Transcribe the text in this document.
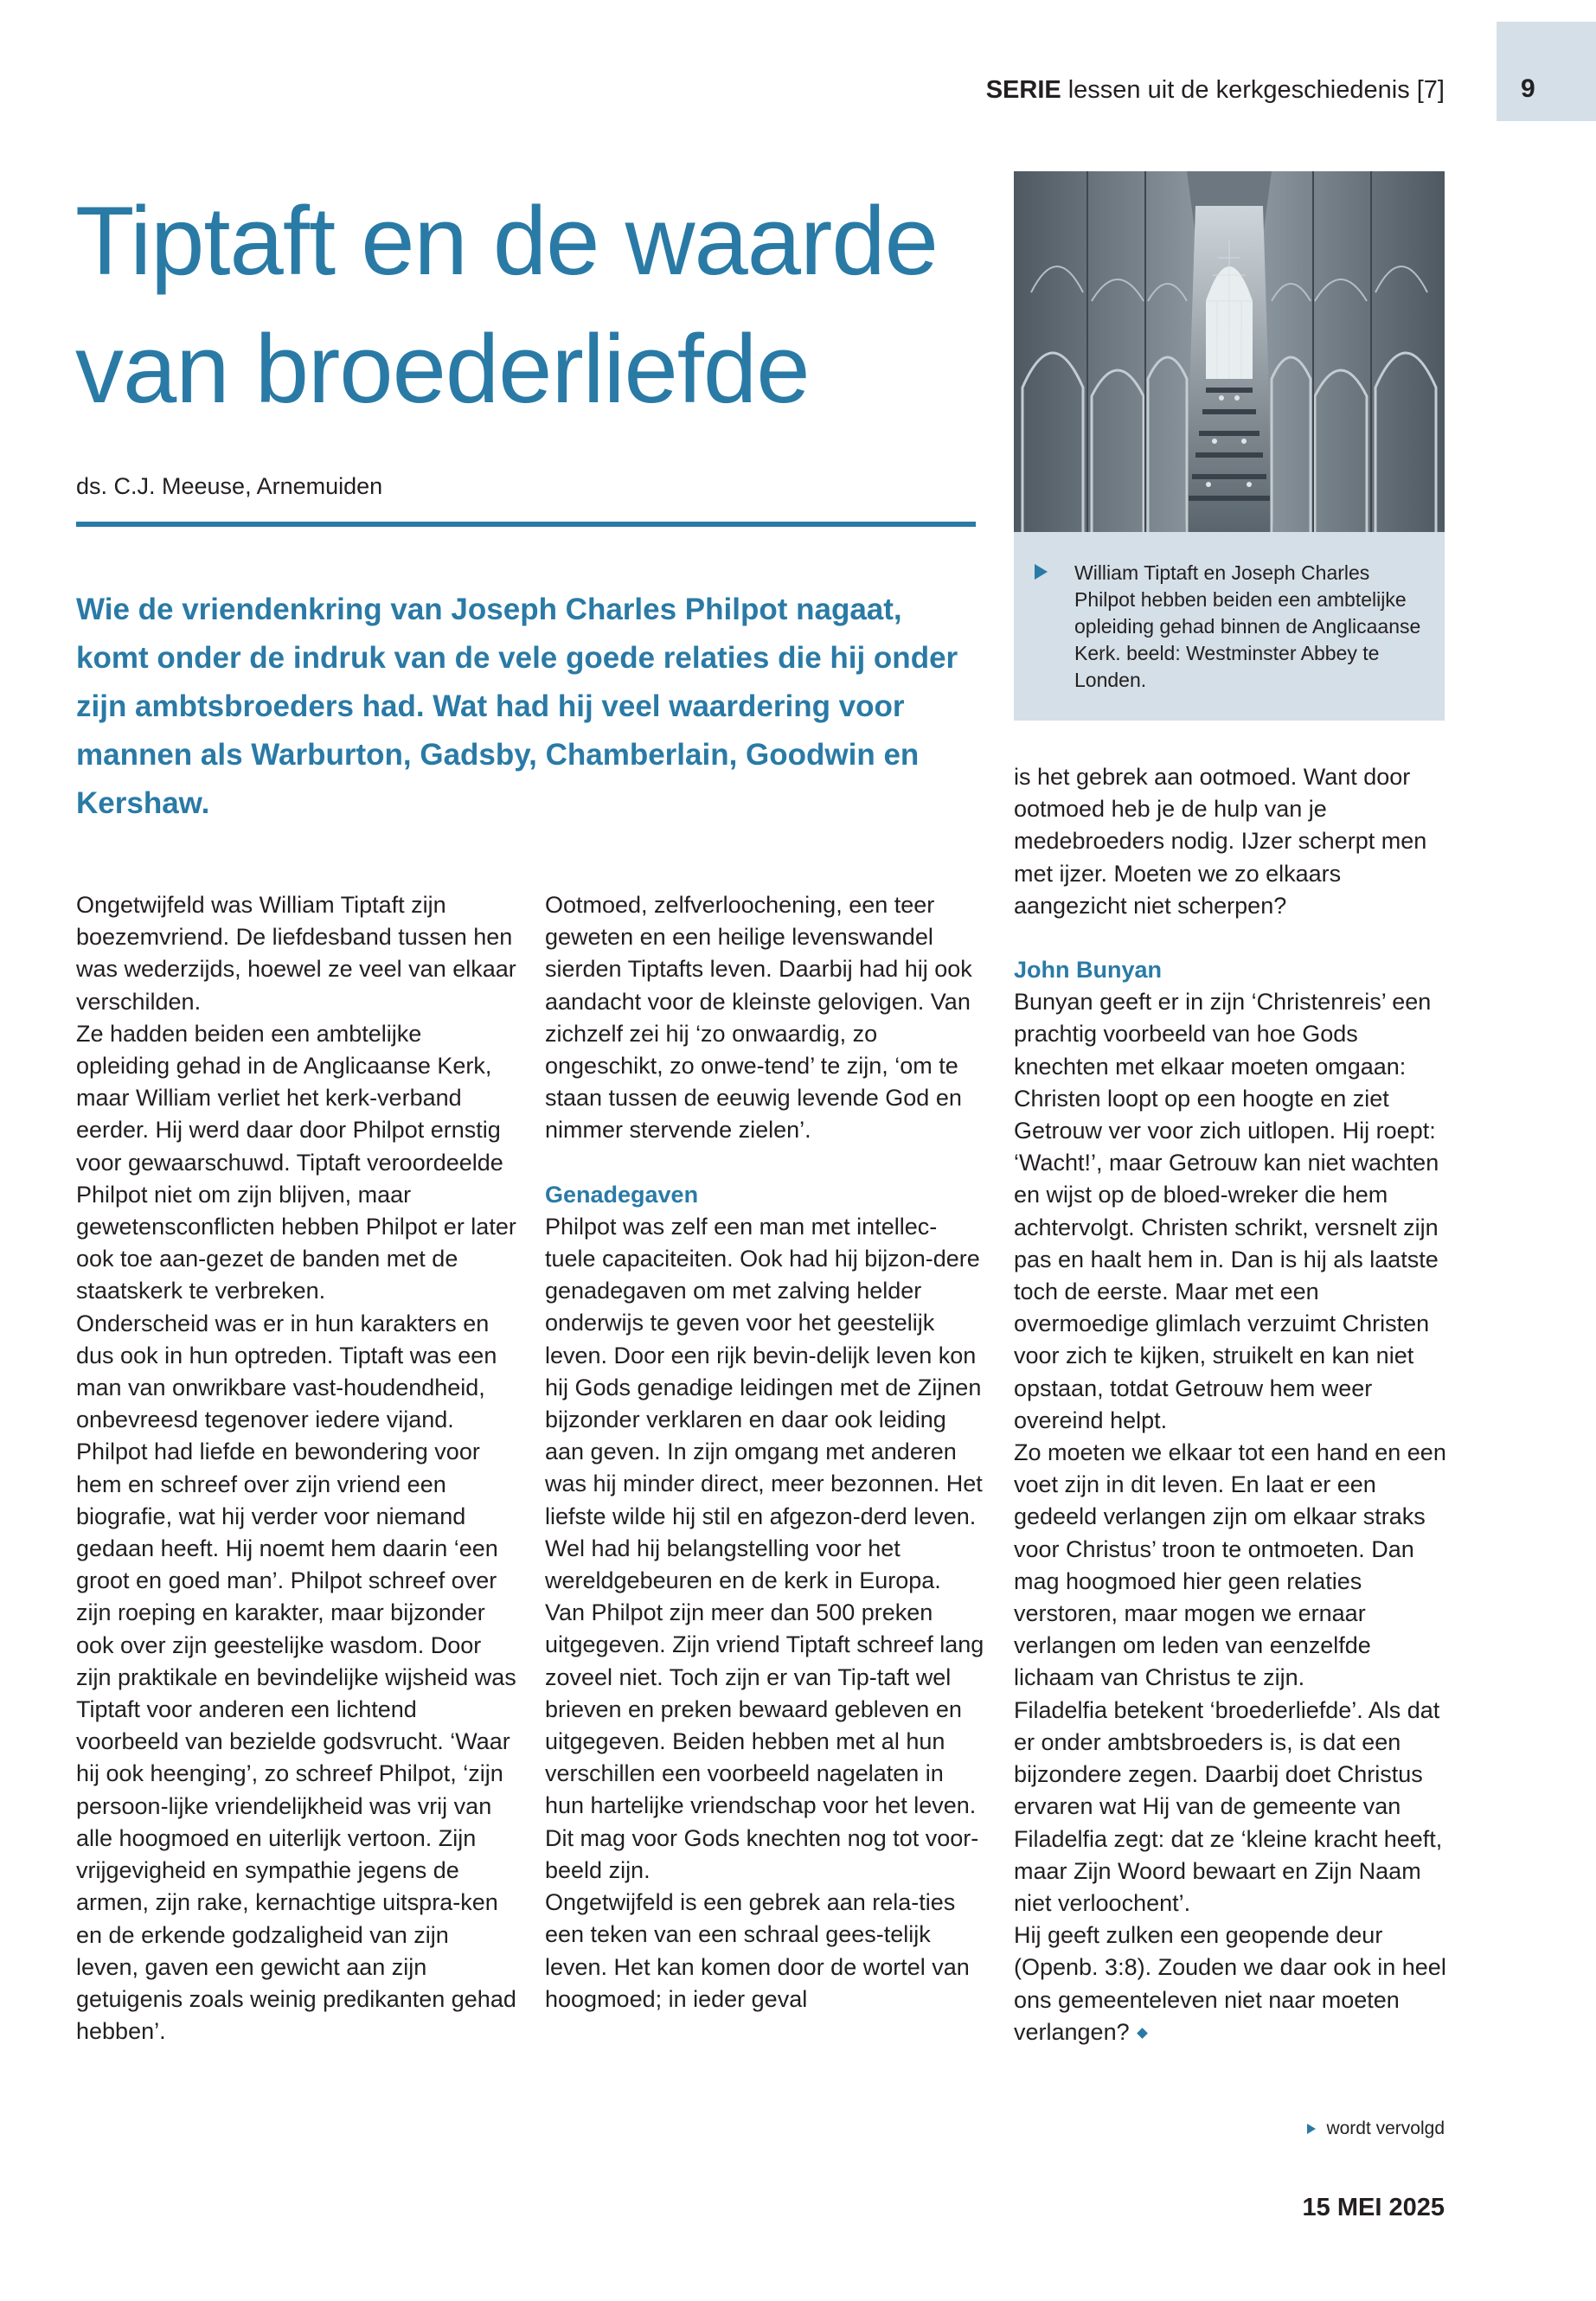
SERIE lessen uit de kerkgeschiedenis [7]	9
Tiptaft en de waarde
van broederliefde
ds. C.J. Meeuse, Arnemuiden
Wie de vriendenkring van Joseph Charles Philpot nagaat, komt onder de indruk van de vele goede relaties die hij onder zijn ambtsbroeders had. Wat had hij veel waardering voor mannen als Warburton, Gadsby, Chamberlain, Goodwin en Kershaw.
William Tiptaft en Joseph Charles Philpot hebben beiden een ambtelijke opleiding gehad binnen de Anglicaanse Kerk. beeld: Westminster Abbey te Londen.

Ongetwijfeld was William Tiptaft zijn boezemvriend. De liefdesband tussen hen was wederzijds, hoewel ze veel van elkaar verschilden.

Ze hadden beiden een ambtelijke opleiding gehad in de Anglicaanse Kerk, maar William verliet het kerk-verband eerder. Hij werd daar door Philpot ernstig voor gewaarschuwd. Tiptaft veroordeelde Philpot niet om zijn blijven, maar gewetensconflicten hebben Philpot er later ook toe aan-gezet de banden met de staatskerk te verbreken.

Onderscheid was er in hun karakters en dus ook in hun optreden. Tiptaft was een man van onwrikbare vast-houdendheid, onbevreesd tegenover iedere vijand. Philpot had liefde en bewondering voor hem en schreef over zijn vriend een biografie, wat hij verder voor niemand gedaan heeft. Hij noemt hem daarin ‘een groot en goed man’. Philpot schreef over zijn roeping en karakter, maar bijzonder ook over zijn geestelijke wasdom. Door zijn praktikale en bevindelijke wijsheid was Tiptaft voor anderen een lichtend voorbeeld van bezielde godsvrucht. ‘Waar hij ook heenging’, zo schreef Philpot, ‘zijn persoon-lijke vriendelijkheid was vrij van alle hoogmoed en uiterlijk vertoon. Zijn vrijgevigheid en sympathie jegens de armen, zijn rake, kernachtige uitspra-ken en de erkende godzaligheid van zijn leven, gaven een gewicht aan zijn getuigenis zoals weinig predikanten gehad hebben’.

Ootmoed, zelfverloochening, een teer geweten en een heilige levenswandel sierden Tiptafts leven. Daarbij had hij ook aandacht voor de kleinste gelovigen. Van zichzelf zei hij ‘zo onwaardig, zo ongeschikt, zo onwe-tend’ te zijn, ‘om te staan tussen de eeuwig levende God en nimmer stervende zielen’.

Genadegaven

Philpot was zelf een man met intellec-tuele capaciteiten. Ook had hij bijzon-dere genadegaven om met zalving helder onderwijs te geven voor het geestelijk leven. Door een rijk bevin-delijk leven kon hij Gods genadige leidingen met de Zijnen bijzonder verklaren en daar ook leiding aan geven. In zijn omgang met anderen was hij minder direct, meer bezonnen. Het liefste wilde hij stil en afgezon-derd leven. Wel had hij belangstelling voor het wereldgebeuren en de kerk in Europa.

Van Philpot zijn meer dan 500 preken uitgegeven. Zijn vriend Tiptaft schreef lang zoveel niet. Toch zijn er van Tip-taft wel brieven en preken bewaard gebleven en uitgegeven. Beiden hebben met al hun verschillen een voorbeeld nagelaten in hun hartelijke vriendschap voor het leven. Dit mag voor Gods knechten nog tot voor-beeld zijn.

Ongetwijfeld is een gebrek aan rela-ties een teken van een schraal gees-telijk leven. Het kan komen door de wortel van hoogmoed; in ieder geval

is het gebrek aan ootmoed. Want door ootmoed heb je de hulp van je medebroeders nodig. IJzer scherpt men met ijzer. Moeten we zo elkaars aangezicht niet scherpen?

John Bunyan

Bunyan geeft er in zijn ‘Christenreis’ een prachtig voorbeeld van hoe Gods knechten met elkaar moeten omgaan: Christen loopt op een hoogte en ziet Getrouw ver voor zich uitlopen. Hij roept: ‘Wacht!’, maar Getrouw kan niet wachten en wijst op de bloed-wreker die hem achtervolgt. Christen schrikt, versnelt zijn pas en haalt hem in. Dan is hij als laatste toch de eerste. Maar met een overmoedige glimlach verzuimt Christen voor zich te kijken, struikelt en kan niet opstaan, totdat Getrouw hem weer overeind helpt.

Zo moeten we elkaar tot een hand en een voet zijn in dit leven. En laat er een gedeeld verlangen zijn om elkaar straks voor Christus’ troon te ontmoeten. Dan mag hoogmoed hier geen relaties verstoren, maar mogen we ernaar verlangen om leden van eenzelfde lichaam van Christus te zijn.

Filadelfia betekent ‘broederliefde’. Als dat er onder ambtsbroeders is, is dat een bijzondere zegen. Daarbij doet Christus ervaren wat Hij van de gemeente van Filadelfia zegt: dat ze ‘kleine kracht heeft, maar Zijn Woord bewaart en Zijn Naam niet verloochent’.

Hij geeft zulken een geopende deur (Openb. 3:8). Zouden we daar ook in heel ons gemeenteleven niet naar moeten verlangen?

wordt vervolgd
15 MEI 2025
